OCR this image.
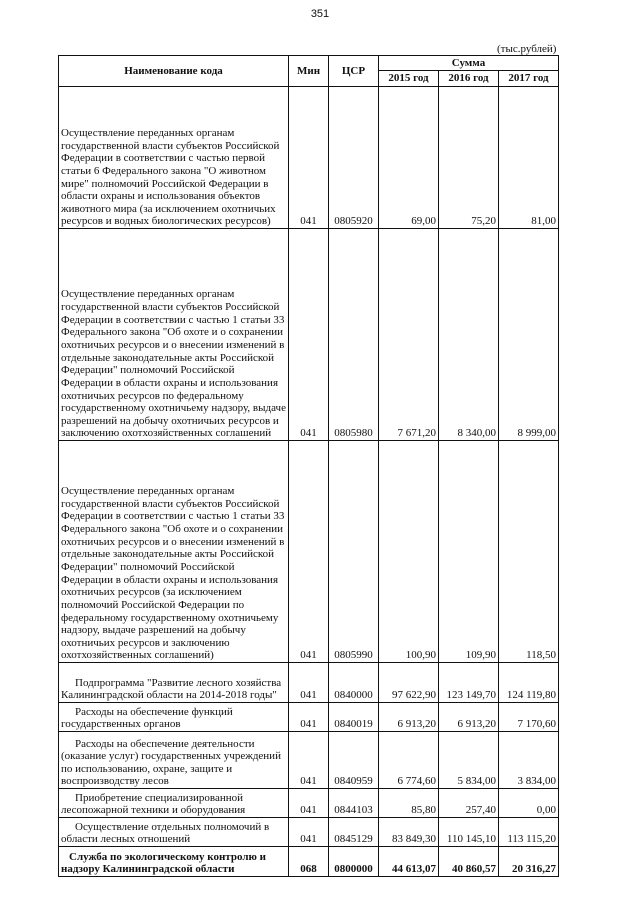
351
(тыс.рублей)
Наименование кода	Мин	ЦСР	Сумма		
			2015 год	2016 год	2017 год

Осуществление переданных органам государственной власти субъектов Российской Федерации в соответствии с частью первой статьи 6 Федерального закона "О животном мире" полномочий Российской Федерации в области охраны и использования объектов животного мира (за исключением охотничьих ресурсов и водных биологических ресурсов)	041	0805920	69,00	75,20	81,00

Осуществление переданных органам государственной власти субъектов Российской Федерации в соответствии с частью 1 статьи 33 Федерального закона "Об охоте и о сохранении охотничьих ресурсов и о внесении изменений в отдельные законодательные акты Российской Федерации" полномочий Российской Федерации в области охраны и использования охотничьих ресурсов по федеральному государственному охотничьему надзору, выдаче разрешений на добычу охотничьих ресурсов и заключению охотхозяйственных соглашений	041	0805980	7 671,20	8 340,00	8 999,00

Осуществление переданных органам государственной власти субъектов Российской Федерации в соответствии с частью 1 статьи 33 Федерального закона "Об охоте и о сохранении охотничьих ресурсов и о внесении изменений в отдельные законодательные акты Российской Федерации" полномочий Российской Федерации в области охраны и использования охотничьих ресурсов (за исключением полномочий Российской Федерации по федеральному государственному охотничьему надзору, выдаче разрешений на добычу охотничьих ресурсов и заключению охотхозяйственных соглашений)	041	0805990	100,90	109,90	118,50
Подпрограмма "Развитие лесного хозяйства Калининградской области на 2014-2018 годы"	041	0840000	97 622,90	123 149,70	124 119,80
Расходы на обеспечение функций государственных органов	041	0840019	6 913,20	6 913,20	7 170,60
Расходы на обеспечение деятельности (оказание услуг) государственных учреждений по использованию, охране, защите и воспроизводству лесов	041	0840959	6 774,60	5 834,00	3 834,00
Приобретение специализированной лесопожарной техники и оборудования	041	0844103	85,80	257,40	0,00
Осуществление отдельных полномочий в области лесных отношений	041	0845129	83 849,30	110 145,10	113 115,20
Служба по экологическому контролю и надзору Калининградской области	068	0800000	44 613,07	40 860,57	20 316,27
